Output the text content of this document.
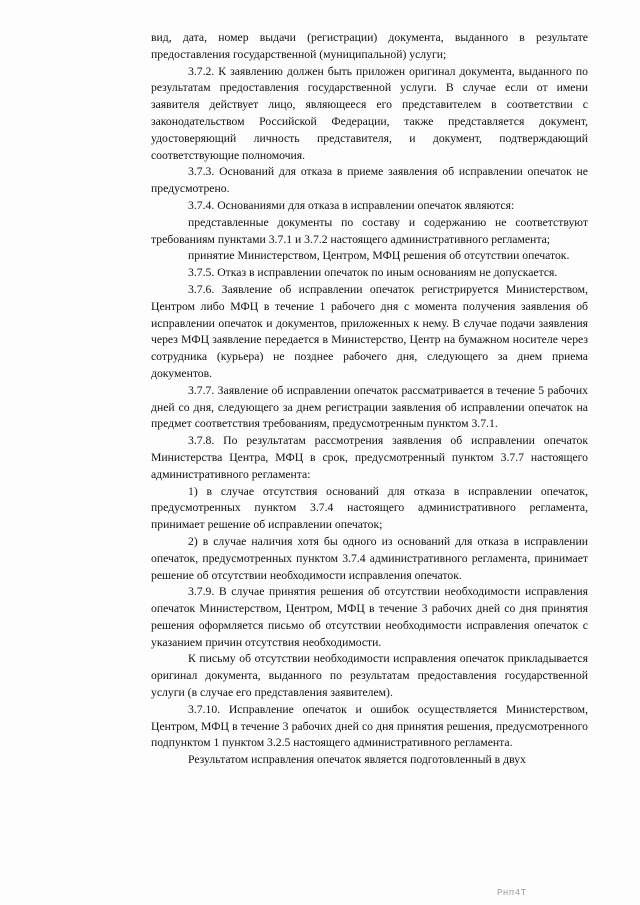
вид, дата, номер выдачи (регистрации) документа, выданного в результате предоставления государственной (муниципальной) услуги;

3.7.2. К заявлению должен быть приложен оригинал документа, выданного по результатам предоставления государственной услуги. В случае если от имени заявителя действует лицо, являющееся его представителем в соответствии с законодательством Российской Федерации, также представляется документ, удостоверяющий личность представителя, и документ, подтверждающий соответствующие полномочия.

3.7.3. Оснований для отказа в приеме заявления об исправлении опечаток не предусмотрено.

3.7.4. Основаниями для отказа в исправлении опечаток являются:

представленные документы по составу и содержанию не соответствуют требованиям пунктами 3.7.1 и 3.7.2 настоящего административного регламента;

принятие Министерством, Центром, МФЦ решения об отсутствии опечаток.

3.7.5. Отказ в исправлении опечаток по иным основаниям не допускается.

3.7.6. Заявление об исправлении опечаток регистрируется Министерством, Центром либо МФЦ в течение 1 рабочего дня с момента получения заявления об исправлении опечаток и документов, приложенных к нему. В случае подачи заявления через МФЦ заявление передается в Министерство, Центр на бумажном носителе через сотрудника (курьера) не позднее рабочего дня, следующего за днем приема документов.

3.7.7. Заявление об исправлении опечаток рассматривается в течение 5 рабочих дней со дня, следующего за днем регистрации заявления об исправлении опечаток на предмет соответствия требованиям, предусмотренным пунктом 3.7.1.

3.7.8. По результатам рассмотрения заявления об исправлении опечаток Министерства Центра, МФЦ в срок, предусмотренный пунктом 3.7.7 настоящего административного регламента:

1) в случае отсутствия оснований для отказа в исправлении опечаток, предусмотренных пунктом 3.7.4 настоящего административного регламента, принимает решение об исправлении опечаток;

2) в случае наличия хотя бы одного из оснований для отказа в исправлении опечаток, предусмотренных пунктом 3.7.4 административного регламента, принимает решение об отсутствии необходимости исправления опечаток.

3.7.9. В случае принятия решения об отсутствии необходимости исправления опечаток Министерством, Центром, МФЦ в течение 3 рабочих дней со дня принятия решения оформляется письмо об отсутствии необходимости исправления опечаток с указанием причин отсутствия необходимости.

К письму об отсутствии необходимости исправления опечаток прикладывается оригинал документа, выданного по результатам предоставления государственной услуги (в случае его представления заявителем).

3.7.10. Исправление опечаток и ошибок осуществляется Министерством, Центром, МФЦ в течение 3 рабочих дней со дня принятия решения, предусмотренного подпунктом 1 пунктом 3.2.5 настоящего административного регламента.

Результатом исправления опечаток является подготовленный в двух

Рнп4Т
